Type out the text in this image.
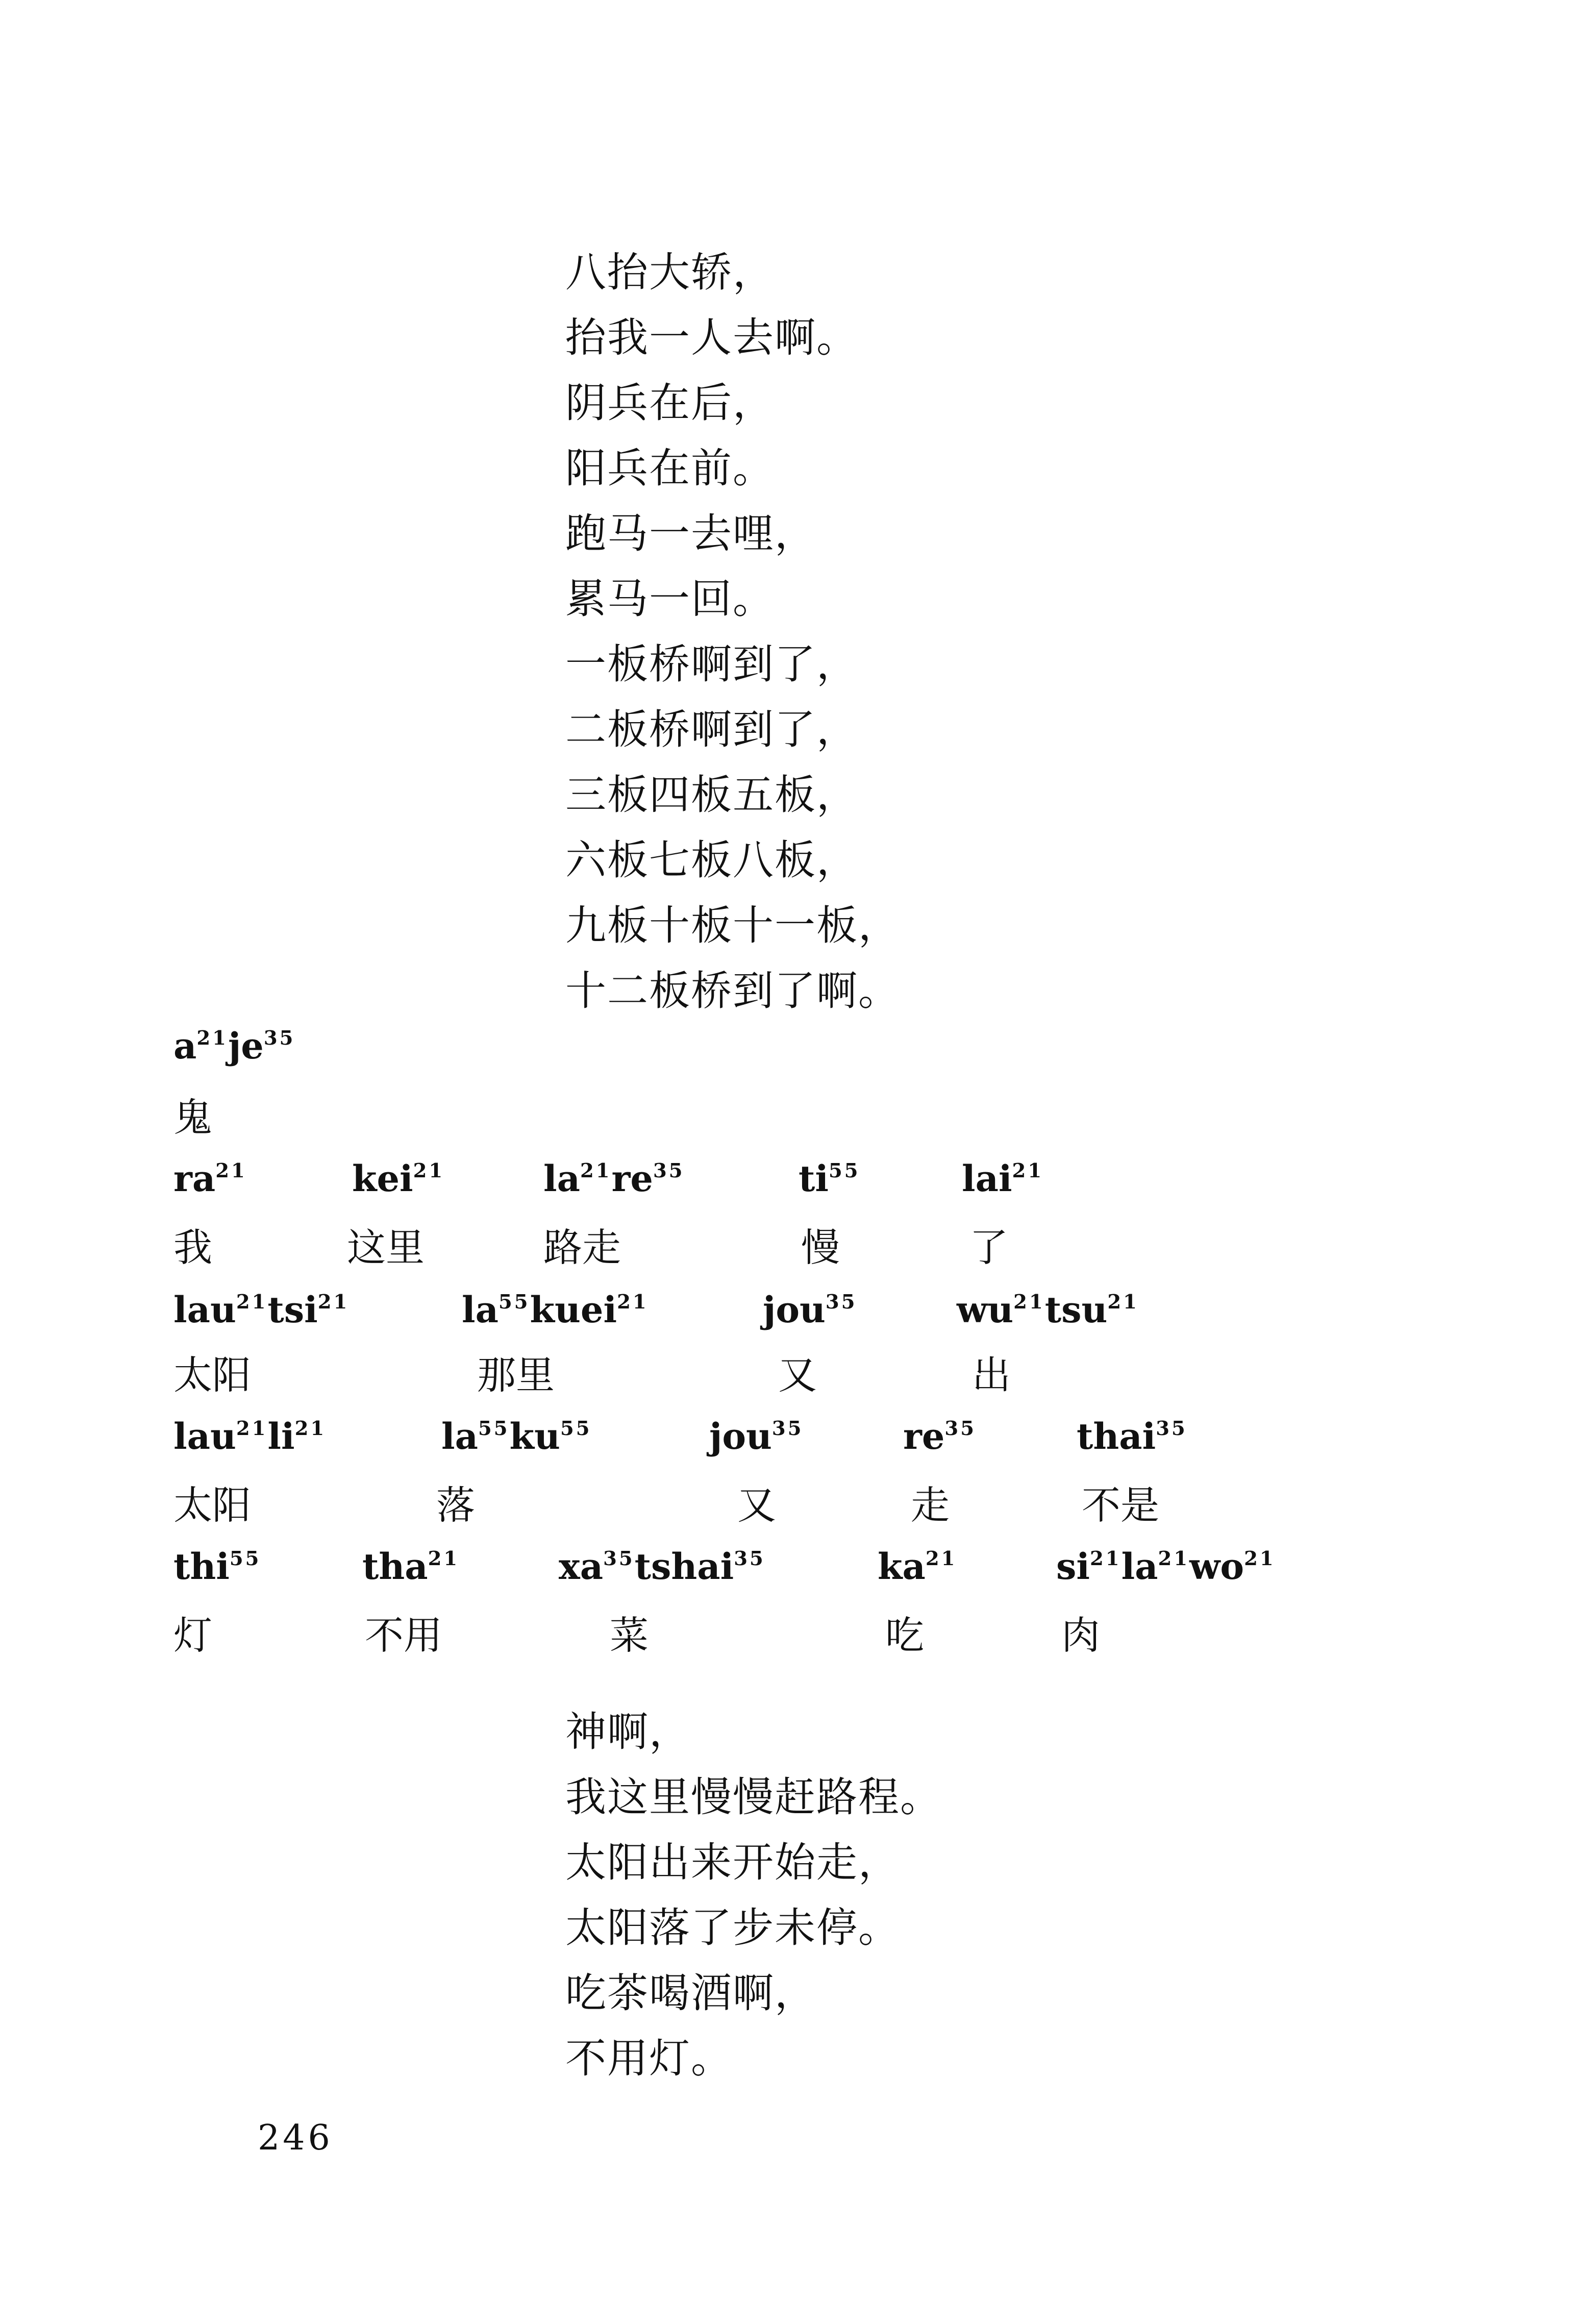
八抬大轿，
抬我一人去啊。
阴兵在后，
阳兵在前。
跑马一去哩，
累马一回。
一板桥啊到了，
二板桥啊到了，
三板四板五板，
六板七板八板，
九板十板十一板，
十二板桥到了啊。
$a^{21}je^{35}$
鬼
$ra^{21}$	kei$^{21}$	$la^{21}re^{35}$	$ti^{55}$	lai$^{21}$
我	这里	路走	慢	了
lau$^{21}$tsi$^{21}$	$la^{55}kuei^{21}$	jou$^{35}$	$wu^{21}tsu^{21}$
太阳	那里	又	出
$lau^{21}li^{21}$	$la^{55}ku^{55}$	jou$^{35}$	$re^{35}$	thai$^{35}$
太阳	落	又	走	不是
thi$^{55}$	tha$^{21}$	$xa^{35}tshai^{35}$	$ka^{21}$	$si^{21}la^{21}wo^{21}$
灯	不用	菜	吃	肉
神啊，
我这里慢慢赶路程。
太阳出来开始走，
太阳落了步未停。
吃茶喝酒啊，
不用灯。
246
